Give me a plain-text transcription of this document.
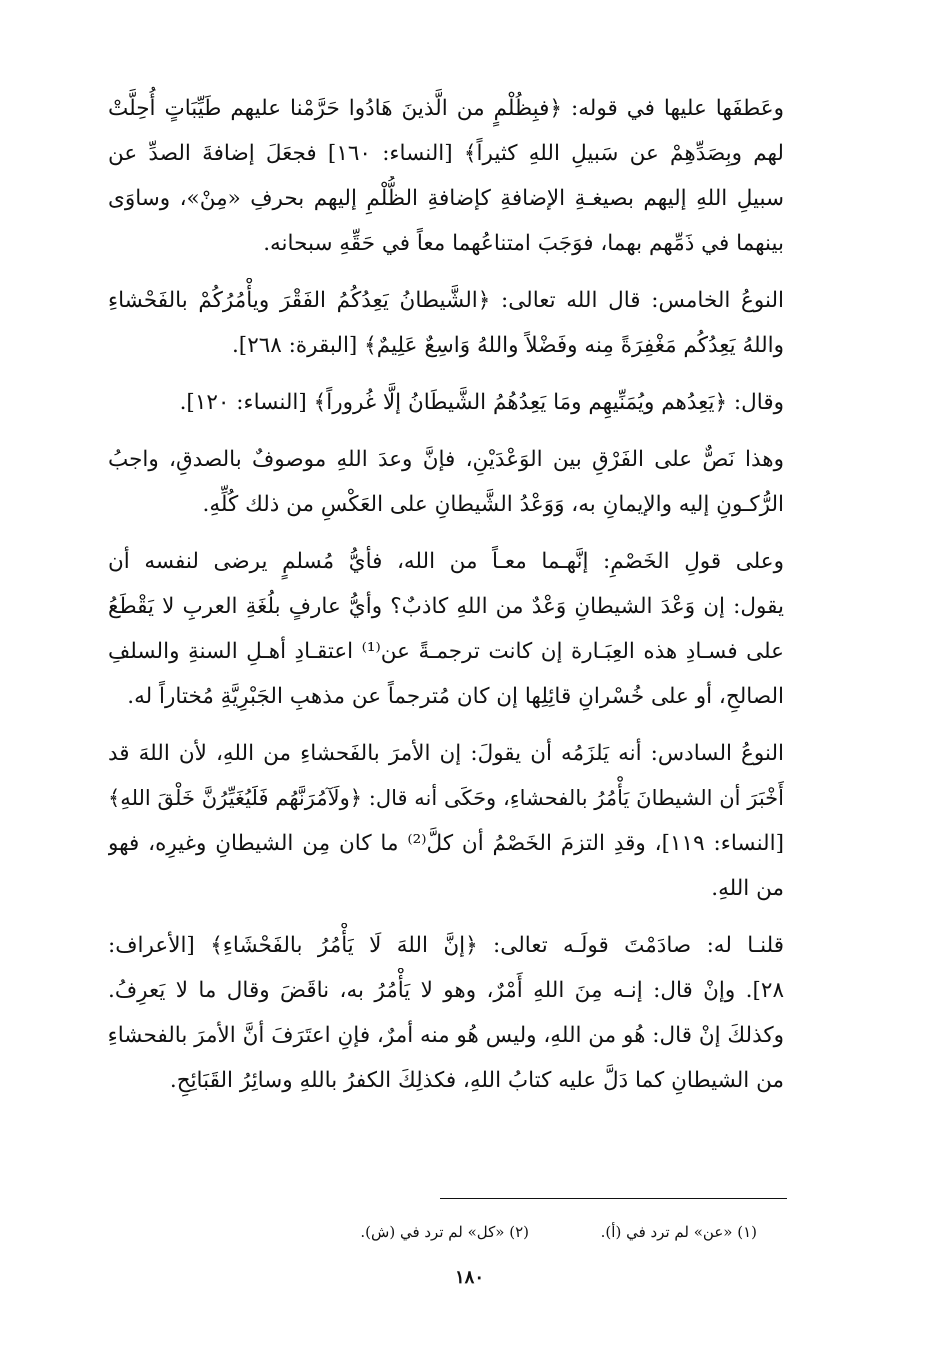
وعَطفَها عليها في قوله: ﴿فبِظُلْمٍ من الَّذينَ هَادُوا حَرَّمْنا عليهم طَيِّبَاتٍ أُحِلَّتْ
لهم وبِصَدِّهِمْ عن سَبيلِ اللهِ كثيراً﴾ [النساء: ١٦٠] فجعَلَ إضافةَ الصدِّ عن
سبيلِ اللهِ إليهم بصيغـةِ الإضافةِ كإضافةِ الظُّلْمِ إليهم بحرفِ «مِنْ»، وساوَى
بينهما في ذَمِّهم بهما، فوَجَبَ امتناعُهما معاً في حَقِّهِ سبحانه.
النوعُ الخامس: قال الله تعالى: ﴿الشَّيطانُ يَعِدُكُمُ الفَقْرَ ويأْمُرُكُمْ بالفَحْشاءِ
واللهُ يَعِدُكُم مَغْفِرَةً مِنه وفَضْلاً واللهُ وَاسِعٌ عَلِيمٌ﴾ [البقرة: ٢٦٨].
وقال: ﴿يَعِدُهم ويُمَنِّيهِم ومَا يَعِدُهُمُ الشَّيطَانُ إلَّا غُروراً﴾ [النساء: ١٢٠].
وهذا نَصٌّ على الفَرْقِ بين الوَعْدَيْنِ، فإنَّ وعدَ اللهِ موصوفٌ بالصدقِ، واجبُ
الرُّكـونِ إليه والإيمانِ به، وَوَعْدُ الشَّيطانِ على العَكْسِ من ذلك كُلِّهِ.
وعلى قولِ الخَصْمِ: إنَّهـما معـاً من الله، فأيُّ مُسلمٍ يرضى لنفسه أن
يقول: إن وَعْدَ الشيطانِ وَعْدٌ من اللهِ كاذبٌ؟ وأيُّ عارفٍ بلُغَةِ العربِ لا يَقْطَعُ
على فسـادِ هذه العِبَـارة إن كانت ترجمـةً عن⁽¹⁾ اعتقـادِ أهـلِ السنةِ والسلفِ
الصالحِ، أو على خُسْرانِ قائِلِها إن كان مُترجماً عن مذهبِ الجَبْرِيَّةِ مُختاراً له.
النوعُ السادس: أنه يَلزَمُه أن يقولَ: إن الأمرَ بالفَحشاءِ من اللهِ، لأن اللهَ قد
أَخْبَرَ أن الشيطانَ يَأْمُرُ بالفحشاءِ، وحَكَى أنه قال: ﴿ولَآمُرَنَّهُم فَلَيُغَيِّرُنَّ خَلْقَ اللهِ﴾
[النساء: ١١٩]، وقدِ التزمَ الخَصْمُ أن كلَّ⁽²⁾ ما كان مِن الشيطانِ وغيرِه، فهو
من اللهِ.
قلنـا له: صادَمْتَ قولَـه تعالى: ﴿إنَّ اللهَ لَا يَأْمُرُ بالفَحْشَاءِ﴾ [الأعراف:
٢٨]. وإنْ قال: إنـه مِنَ اللهِ أَمْرٌ، وهو لا يَأْمُرُ به، ناقَضَ وقال ما لا يَعرِفُ.
وكذلكَ إنْ قال: هُو من اللهِ، وليس هُو منه أمرٌ، فإنِ اعتَرَفَ أنَّ الأمرَ بالفحشاءِ
من الشيطانِ كما دَلَّ عليه كتابُ اللهِ، فكذلِكَ الكفرُ باللهِ وسائِرُ القَبَائِحِ.
(١) «عن» لم ترد في (أ).
(٢) «كل» لم ترد في (ش).
١٨٠
